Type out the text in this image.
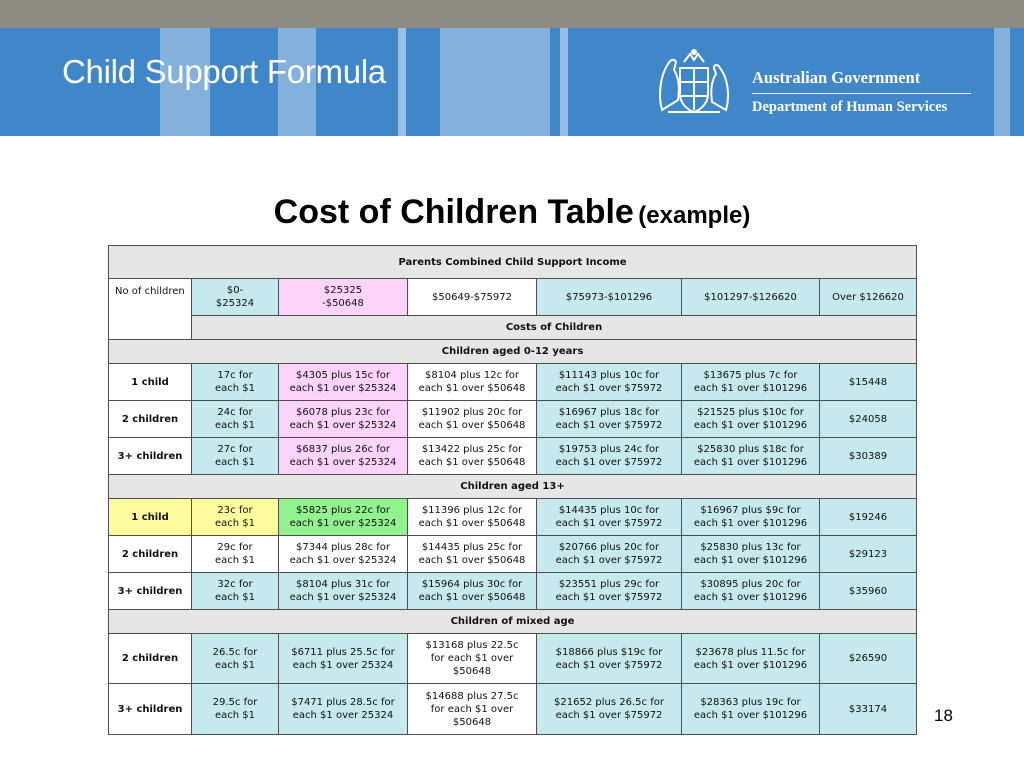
Child Support Formula	Australian Government
Department of Human Services
Cost of Children Table (example)
Parents Combined Child Support Income						
No of children	$0-
$25324	$25325
-$50648	$50649-$75972	$75973-$101296	$101297-$126620	Over $126620
	Costs of Children					
Children aged 0-12 years						
1 child	17c for
each $1	$4305 plus 15c for
each $1 over $25324	$8104 plus 12c for
each $1 over $50648	$11143 plus 10c for
each $1 over $75972	$13675 plus 7c for
each $1 over $101296	$15448
2 children	24c for
each $1	$6078 plus 23c for
each $1 over $25324	$11902 plus 20c for
each $1 over $50648	$16967 plus 18c for
each $1 over $75972	$21525 plus $10c for
each $1 over $101296	$24058
3+ children	27c for
each $1	$6837 plus 26c for
each $1 over $25324	$13422 plus 25c for
each $1 over $50648	$19753 plus 24c for
each $1 over $75972	$25830 plus $18c for
each $1 over $101296	$30389
Children aged 13+						
1 child	23c for
each $1	$5825 plus 22c for
each $1 over $25324	$11396 plus 12c for
each $1 over $50648	$14435 plus 10c for
each $1 over $75972	$16967 plus $9c for
each $1 over $101296	$19246
2 children	29c for
each $1	$7344 plus 28c for
each $1 over $25324	$14435 plus 25c for
each $1 over $50648	$20766 plus 20c for
each $1 over $75972	$25830 plus 13c for
each $1 over $101296	$29123
3+ children	32c for
each $1	$8104 plus 31c for
each $1 over $25324	$15964 plus 30c for
each $1 over $50648	$23551 plus 29c for
each $1 over $75972	$30895 plus 20c for
each $1 over $101296	$35960
Children of mixed age						
2 children	26.5c for
each $1	$6711 plus 25.5c for
each $1 over 25324	$13168 plus 22.5c
for each $1 over
$50648	$18866 plus $19c for
each $1 over $75972	$23678 plus 11.5c for
each $1 over $101296	$26590
3+ children	29.5c for
each $1	$7471 plus 28.5c for
each $1 over 25324	$14688 plus 27.5c
for each $1 over
$50648	$21652 plus 26.5c for
each $1 over $75972	$28363 plus 19c for
each $1 over $101296	$33174	18
